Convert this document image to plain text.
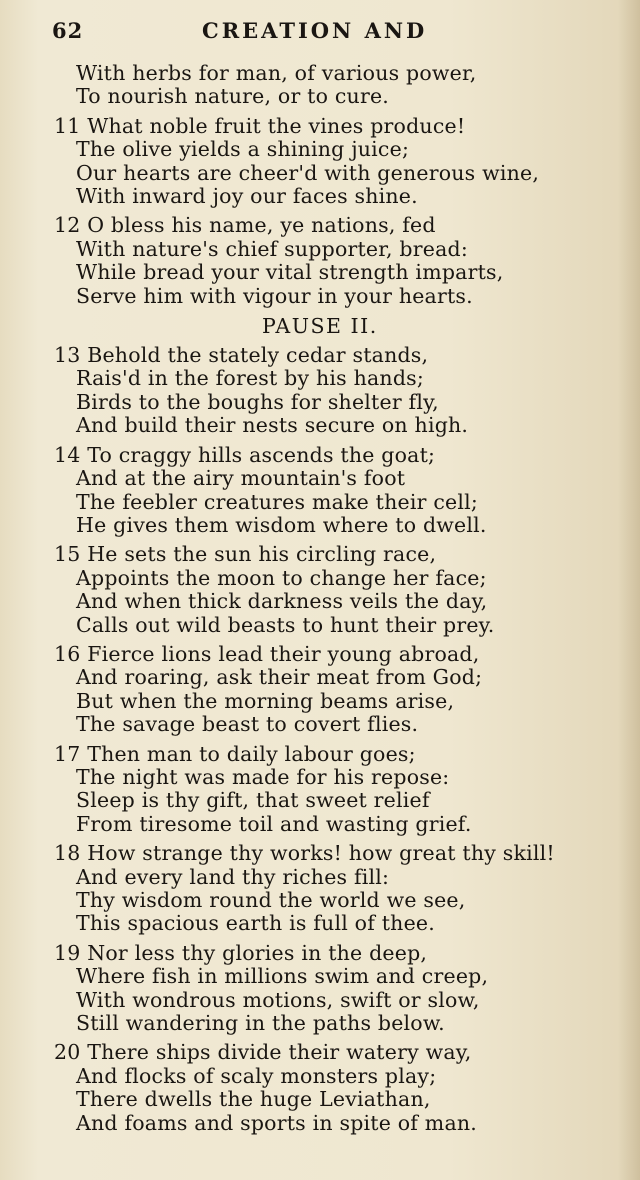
62	CREATION AND
With herbs for man, of various power,
To nourish nature, or to cure.
11 What noble fruit the vines produce!
The olive yields a shining juice;
Our hearts are cheer'd with generous wine,
With inward joy our faces shine.
12 O bless his name, ye nations, fed
With nature's chief supporter, bread:
While bread your vital strength imparts,
Serve him with vigour in your hearts.
PAUSE II.
13 Behold the stately cedar stands,
Rais'd in the forest by his hands;
Birds to the boughs for shelter fly,
And build their nests secure on high.
14 To craggy hills ascends the goat;
And at the airy mountain's foot
The feebler creatures make their cell;
He gives them wisdom where to dwell.
15 He sets the sun his circling race,
Appoints the moon to change her face;
And when thick darkness veils the day,
Calls out wild beasts to hunt their prey.
16 Fierce lions lead their young abroad,
And roaring, ask their meat from God;
But when the morning beams arise,
The savage beast to covert flies.
17 Then man to daily labour goes;
The night was made for his repose:
Sleep is thy gift, that sweet relief
From tiresome toil and wasting grief.
18 How strange thy works! how great thy skill!
And every land thy riches fill:
Thy wisdom round the world we see,
This spacious earth is full of thee.
19 Nor less thy glories in the deep,
Where fish in millions swim and creep,
With wondrous motions, swift or slow,
Still wandering in the paths below.
20 There ships divide their watery way,
And flocks of scaly monsters play;
There dwells the huge Leviathan,
And foams and sports in spite of man.
